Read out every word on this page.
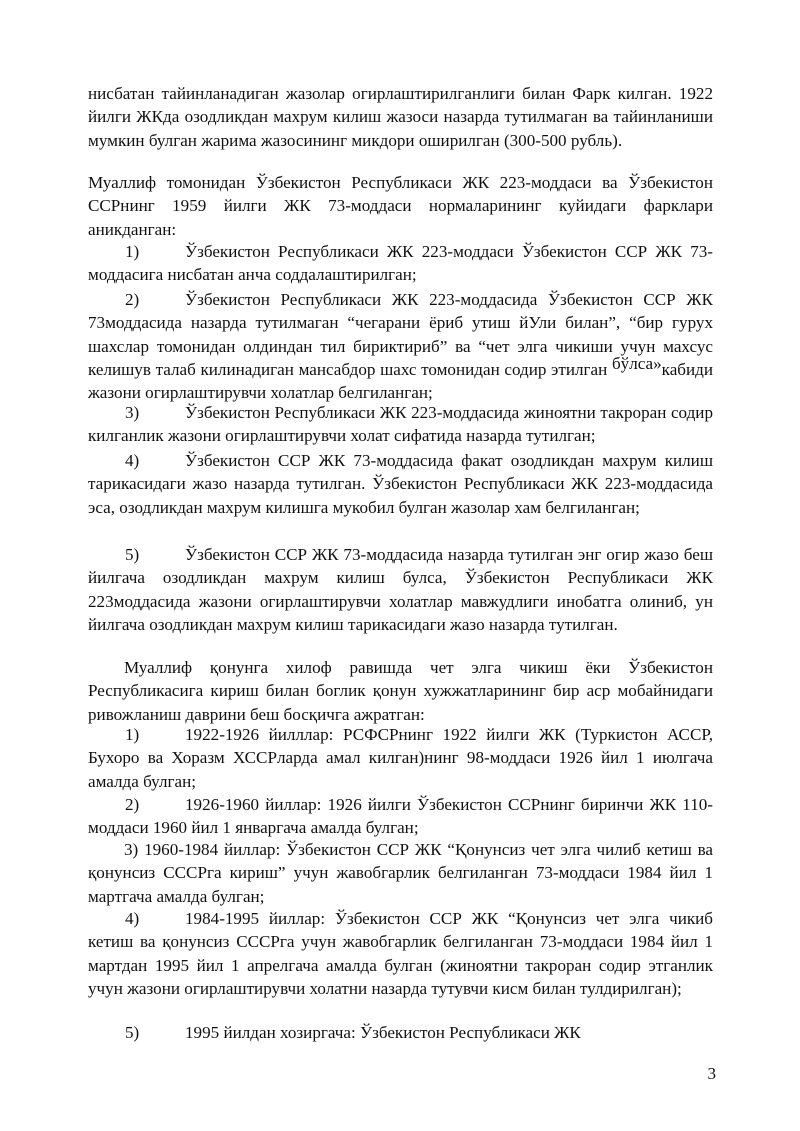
нисбатан тайинланадиган жазолар огирлаштирилганлиги билан Фарк килган. 1922 йилги ЖКда озодликдан махрум килиш жазоси назарда тутилмаган ва тайинланиши мумкин булган жарима жазосининг микдори оширилган (300-500 рубль).

Муаллиф томонидан Ўзбекистон Республикаси ЖК 223-моддаси ва Ўзбекистон ССРнинг 1959 йилги ЖК 73-моддаси нормаларининг куйидаги фарклари аникданган:

1)	Ўзбекистон Республикаси ЖК 223-моддаси Ўзбекистон ССР ЖК 73-моддасига нисбатан анча соддалаштирилган;

2)	Ўзбекистон Республикаси ЖК 223-моддасида Ўзбекистон ССР ЖК 73моддасида назарда тутилмаган “чегарани ёриб утиш йУли билан”, “бир гурух шахслар томонидан олдиндан тил бириктириб” ва “чет элга чикиши учун махсус келишув талаб килинадиган мансабдор шахс томонидан содир этилган бўлса»кабиди жазони огирлаштирувчи холатлар белгиланган;

3)	Ўзбекистон Республикаси ЖК 223-моддасида жиноятни такроран содир килганлик жазони огирлаштирувчи холат сифатида назарда тутилган;

4)	Ўзбекистон ССР ЖК 73-моддасида факат озодликдан махрум килиш тарикасидаги жазо назарда тутилган. Ўзбекистон Республикаси ЖК 223-моддасида эса, озодликдан махрум килишга мукобил булган жазолар хам белгиланган;

5)	Ўзбекистон ССР ЖК 73-моддасида назарда тутилган энг огир жазо беш йилгача озодликдан махрум килиш булса, Ўзбекистон Республикаси ЖК 223моддасида жазони огирлаштирувчи холатлар мавжудлиги инобатга олиниб, ун йилгача озодликдан махрум килиш тарикасидаги жазо назарда тутилган.

Муаллиф қонунга хилоф равишда чет элга чикиш ёки Ўзбекистон Республикасига кириш билан боглик қонун хужжатларининг бир аср мобайнидаги ривожланиш даврини беш босқичга ажратган:

1)	1922-1926 йилллар: РСФСРнинг 1922 йилги ЖК (Туркистон АССР, Бухоро ва Хоразм ХССРларда амал килган)нинг 98-моддаси 1926 йил 1 июлгача амалда булган;

2)	1926-1960 йиллар: 1926 йилги Ўзбекистон ССРнинг биринчи ЖК 110-моддаси 1960 йил 1 январгача амалда булган;

3) 1960-1984 йиллар: Ўзбекистон ССР ЖК “Қонунсиз чет элга чилиб кетиш ва қонунсиз СССРга кириш” учун жавобгарлик белгиланган 73-моддаси 1984 йил 1 мартгача амалда булган;

4)	1984-1995 йиллар: Ўзбекистон ССР ЖК “Қонунсиз чет элга чикиб кетиш ва қонунсиз СССРга учун жавобгарлик белгиланган 73-моддаси 1984 йил 1 мартдан 1995 йил 1 апрелгача амалда булган (жиноятни такроран содир этганлик учун жазони огирлаштирувчи холатни назарда тутувчи кисм билан тулдирилган);

5)	1995 йилдан хозиргача: Ўзбекистон Республикаси ЖК

3
